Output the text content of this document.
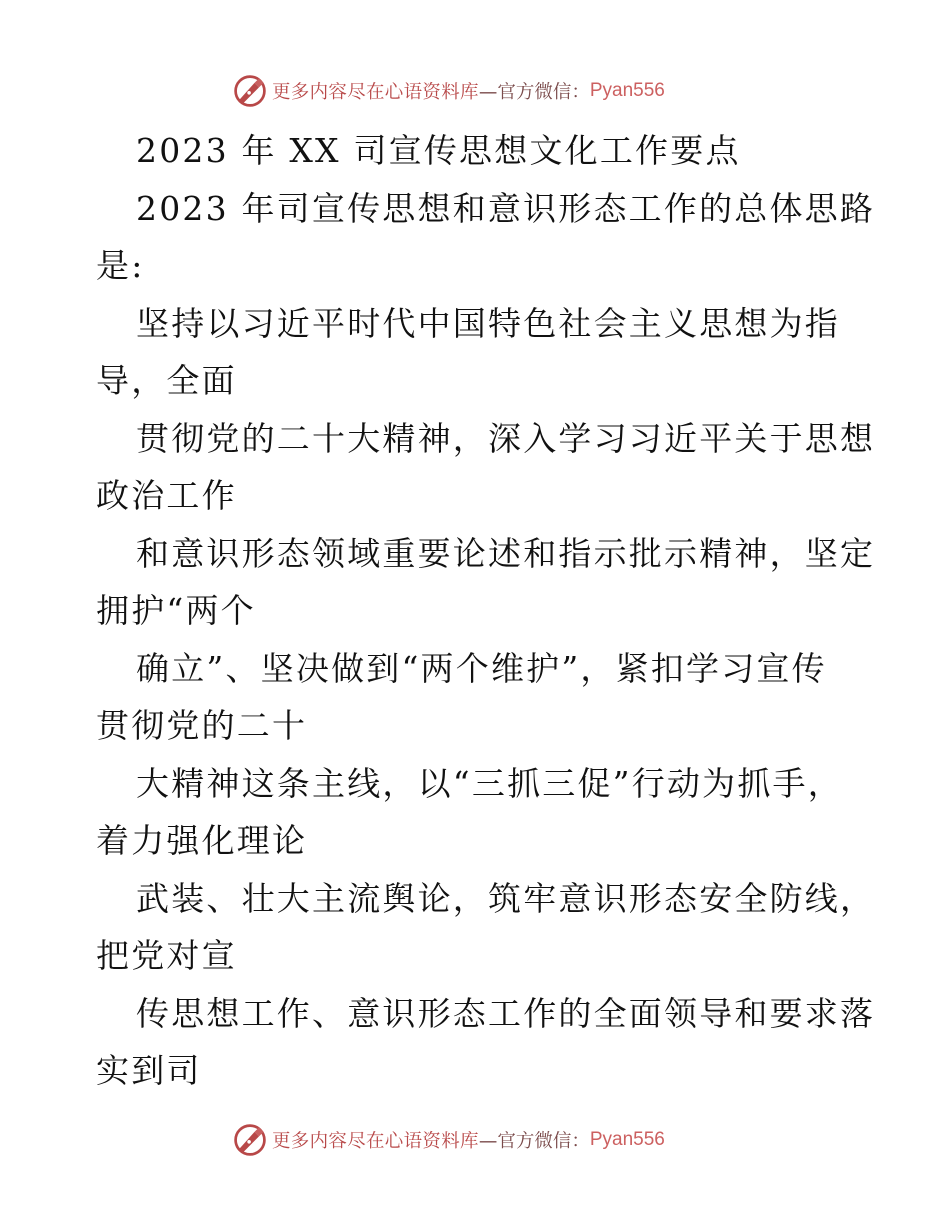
更多内容尽在心语资料库 —官方微信： Pyan556
2023 年 XX 司宣传思想文化工作要点
2023 年司宣传思想和意识形态工作的总体思路
是:
坚持以习近平时代中国特色社会主义思想为指
导，全面
贯彻党的二十大精神，深入学习习近平关于思想
政治工作
和意识形态领域重要论述和指示批示精神，坚定
拥护“两个
确立”、坚决做到“两个维护”，紧扣学习宣传
贯彻党的二十
大精神这条主线，以“三抓三促”行动为抓手，
着力强化理论
武装、壮大主流舆论，筑牢意识形态安全防线，
把党对宣
传思想工作、意识形态工作的全面领导和要求落
实到司
更多内容尽在心语资料库 —官方微信： Pyan556
